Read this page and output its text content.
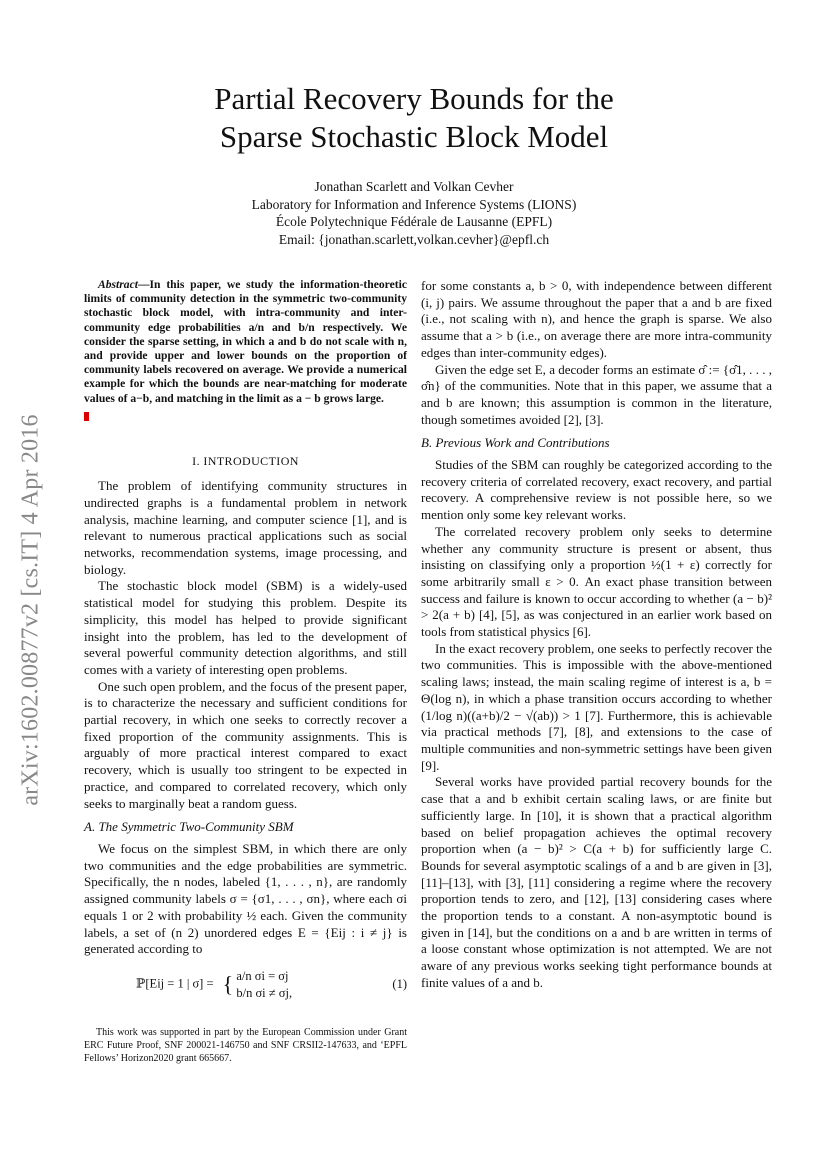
arXiv:1602.00877v2 [cs.IT] 4 Apr 2016
Partial Recovery Bounds for the
Sparse Stochastic Block Model
Jonathan Scarlett and Volkan Cevher
Laboratory for Information and Inference Systems (LIONS)
École Polytechnique Fédérale de Lausanne (EPFL)
Email: {jonathan.scarlett,volkan.cevher}@epfl.ch

Abstract—In this paper, we study the information-theoretic limits of community detection in the symmetric two-community stochastic block model, with intra-community and inter-community edge probabilities a/n and b/n respectively. We consider the sparse setting, in which a and b do not scale with n, and provide upper and lower bounds on the proportion of community labels recovered on average. We provide a numerical example for which the bounds are near-matching for moderate values of a−b, and matching in the limit as a − b grows large.

I. INTRODUCTION

The problem of identifying community structures in undirected graphs is a fundamental problem in network analysis, machine learning, and computer science [1], and is relevant to numerous practical applications such as social networks, recommendation systems, image processing, and biology.

The stochastic block model (SBM) is a widely-used statistical model for studying this problem. Despite its simplicity, this model has helped to provide significant insight into the problem, has led to the development of several powerful community detection algorithms, and still comes with a variety of interesting open problems.

One such open problem, and the focus of the present paper, is to characterize the necessary and sufficient conditions for partial recovery, in which one seeks to correctly recover a fixed proportion of the community assignments. This is arguably of more practical interest compared to exact recovery, which is usually too stringent to be expected in practice, and compared to correlated recovery, which only seeks to marginally beat a random guess.

A. The Symmetric Two-Community SBM

We focus on the simplest SBM, in which there are only two communities and the edge probabilities are symmetric. Specifically, the n nodes, labeled {1, . . . , n}, are randomly assigned community labels σ = {σ1, . . . , σn}, where each σi equals 1 or 2 with probability ½ each. Given the community labels, a set of (n 2) unordered edges E = {Eij : i ≠ j} is generated according to

ℙ[Eij = 1 | σ] = { a/n σi = σj
b/n σi ≠ σj,
(1)

This work was supported in part by the European Commission under Grant ERC Future Proof, SNF 200021-146750 and SNF CRSII2-147633, and ‘EPFL Fellows’ Horizon2020 grant 665667.

for some constants a, b > 0, with independence between different (i, j) pairs. We assume throughout the paper that a and b are fixed (i.e., not scaling with n), and hence the graph is sparse. We also assume that a > b (i.e., on average there are more intra-community edges than inter-community edges).

Given the edge set E, a decoder forms an estimate σ̂ := {σ̂1, . . . , σ̂n} of the communities. Note that in this paper, we assume that a and b are known; this assumption is common in the literature, though sometimes avoided [2], [3].

B. Previous Work and Contributions

Studies of the SBM can roughly be categorized according to the recovery criteria of correlated recovery, exact recovery, and partial recovery. A comprehensive review is not possible here, so we mention only some key relevant works.

The correlated recovery problem only seeks to determine whether any community structure is present or absent, thus insisting on classifying only a proportion ½(1 + ε) correctly for some arbitrarily small ε > 0. An exact phase transition between success and failure is known to occur according to whether (a − b)² > 2(a + b) [4], [5], as was conjectured in an earlier work based on tools from statistical physics [6].

In the exact recovery problem, one seeks to perfectly recover the two communities. This is impossible with the above-mentioned scaling laws; instead, the main scaling regime of interest is a, b = Θ(log n), in which a phase transition occurs according to whether (1/log n)((a+b)/2 − √(ab)) > 1 [7]. Furthermore, this is achievable via practical methods [7], [8], and extensions to the case of multiple communities and non-symmetric settings have been given [9].

Several works have provided partial recovery bounds for the case that a and b exhibit certain scaling laws, or are finite but sufficiently large. In [10], it is shown that a practical algorithm based on belief propagation achieves the optimal recovery proportion when (a − b)² > C(a + b) for sufficiently large C. Bounds for several asymptotic scalings of a and b are given in [3], [11]–[13], with [3], [11] considering a regime where the recovery proportion tends to zero, and [12], [13] considering cases where the proportion tends to a constant. A non-asymptotic bound is given in [14], but the conditions on a and b are written in terms of a loose constant whose optimization is not attempted. We are not aware of any previous works seeking tight performance bounds at finite values of a and b.
